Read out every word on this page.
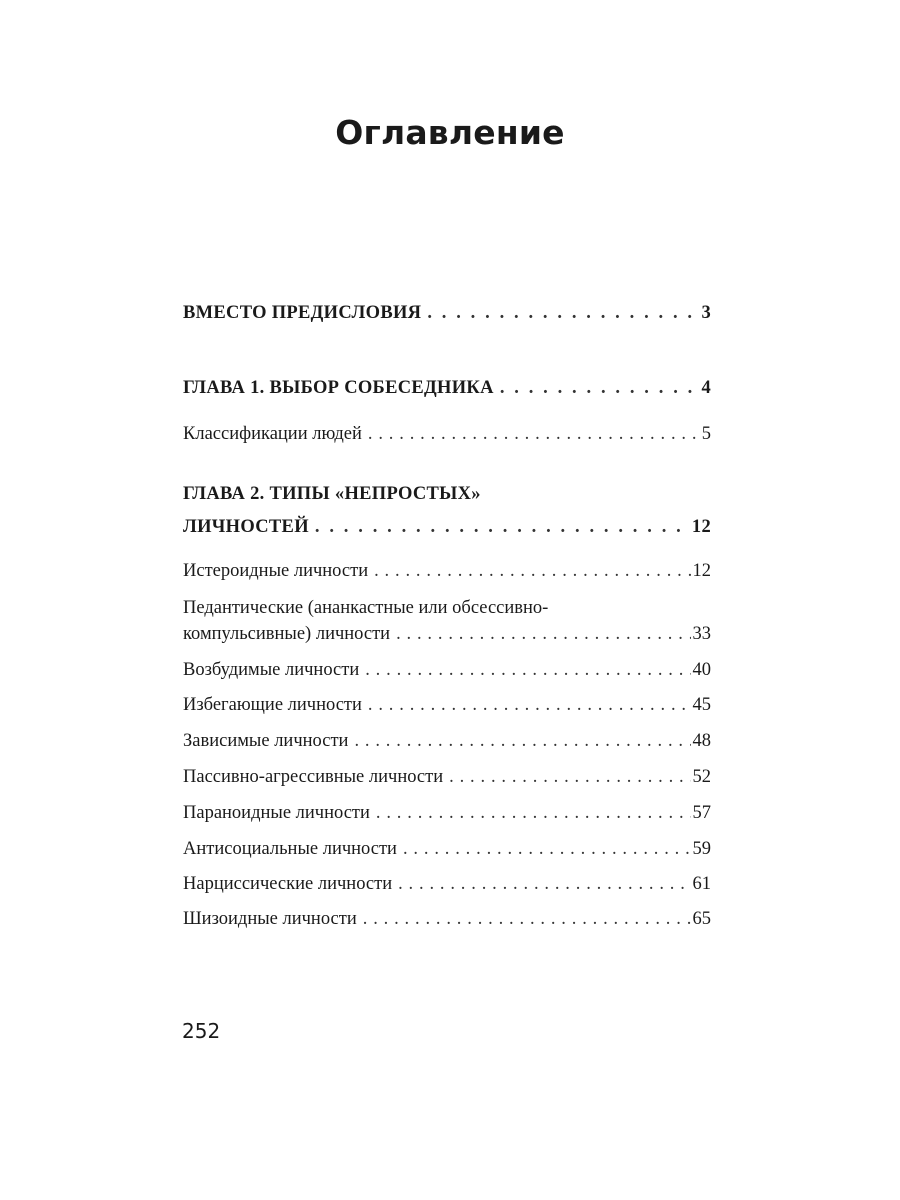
Оглавление
ВМЕСТО ПРЕДИСЛОВИЯ . . .	3
ГЛАВА 1. ВЫБОР СОБЕСЕДНИКА . . .	4
Классификации людей . . .	5
ГЛАВА 2. ТИПЫ «НЕПРОСТЫХ»
ЛИЧНОСТЕЙ . . .	12
Истероидные личности . . .	12
Педантические (ананкастные или обсессивно-
компульсивные) личности . . .	33
Возбудимые личности . . .	40
Избегающие личности . . .	45
Зависимые личности . . .	48
Пассивно-агрессивные личности . . .	52
Параноидные личности . . .	57
Антисоциальные личности . . .	59
Нарциссические личности . . .	61
Шизоидные личности . . .	65
252
